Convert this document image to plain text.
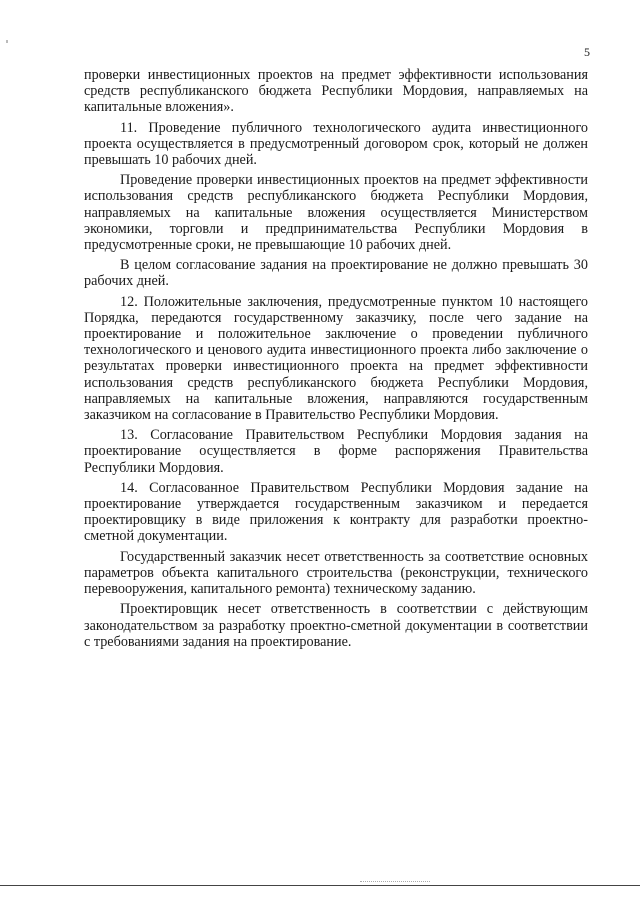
5

проверки инвестиционных проектов на предмет эффективности использования средств республиканского бюджета Республики Мордовия, направляемых на капитальные вложения».

11. Проведение публичного технологического аудита инвестиционного проекта осуществляется в предусмотренный договором срок, который не должен превышать 10 рабочих дней.

Проведение проверки инвестиционных проектов на предмет эффективности использования средств республиканского бюджета Республики Мордовия, направляемых на капитальные вложения осуществляется Министерством экономики, торговли и предпринимательства Республики Мордовия в предусмотренные сроки, не превышающие 10 рабочих дней.

В целом согласование задания на проектирование не должно превышать 30 рабочих дней.

12. Положительные заключения, предусмотренные пунктом 10 настоящего Порядка, передаются государственному заказчику, после чего задание на проектирование и положительное заключение о проведении публичного технологического и ценового аудита инвестиционного проекта либо заключение о результатах проверки инвестиционного проекта на предмет эффективности использования средств республиканского бюджета Республики Мордовия, направляемых на капитальные вложения, направляются государственным заказчиком на согласование в Правительство Республики Мордовия.

13. Согласование Правительством Республики Мордовия задания на проектирование осуществляется в форме распоряжения Правительства Республики Мордовия.

14. Согласованное Правительством Республики Мордовия задание на проектирование утверждается государственным заказчиком и передается проектировщику в виде приложения к контракту для разработки проектно-сметной документации.

Государственный заказчик несет ответственность за соответствие основных параметров объекта капитального строительства (реконструкции, технического перевооружения, капитального ремонта) техническому заданию.

Проектировщик несет ответственность в соответствии с действующим законодательством за разработку проектно-сметной документации в соответствии с требованиями задания на проектирование.
